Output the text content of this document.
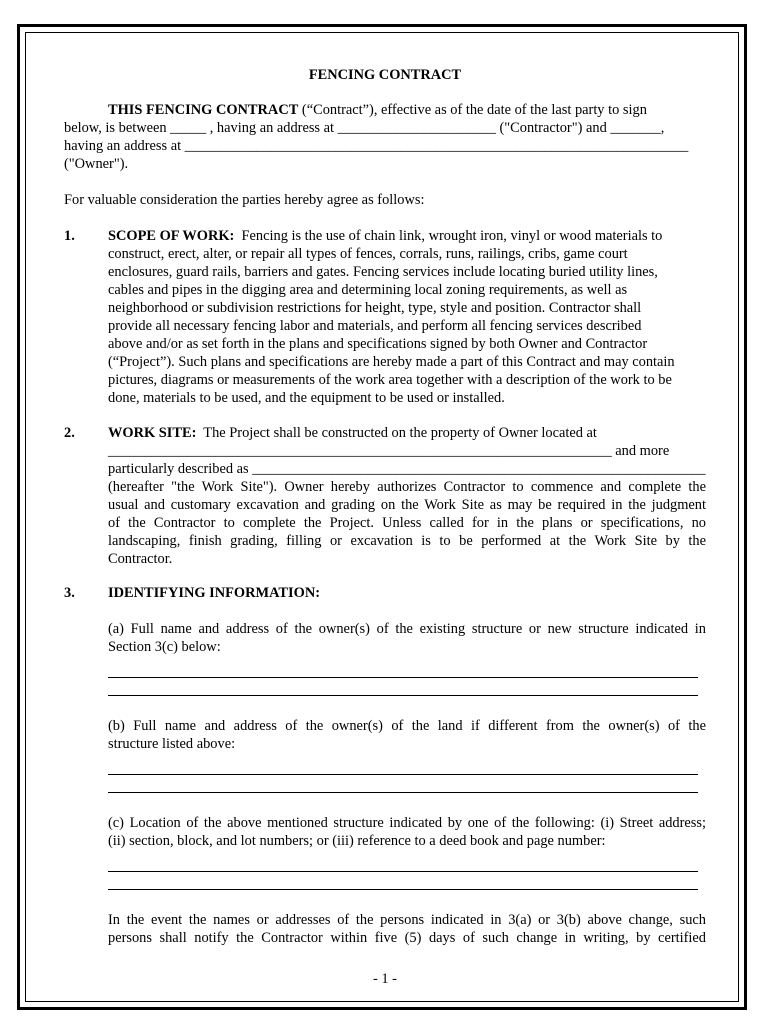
FENCING CONTRACT
THIS FENCING CONTRACT (“Contract”), effective as of the date of the last party to sign
below, is between _____ , having an address at ______________________ ("Contractor") and _______,
having an address at ______________________________________________________________________
("Owner").
For valuable consideration the parties hereby agree as follows:
1. SCOPE OF WORK:  Fencing is the use of chain link, wrought iron, vinyl or wood materials to
construct, erect, alter, or repair all types of fences, corrals, runs, railings, cribs, game court
enclosures, guard rails, barriers and gates. Fencing services include locating buried utility lines,
cables and pipes in the digging area and determining local zoning requirements, as well as
neighborhood or subdivision restrictions for height, type, style and position. Contractor shall
provide all necessary fencing labor and materials, and perform all fencing services described
above and/or as set forth in the plans and specifications signed by both Owner and Contractor
(“Project”). Such plans and specifications are hereby made a part of this Contract and may contain
pictures, diagrams or measurements of the work area together with a description of the work to be
done, materials to be used, and the equipment to be used or installed.
2. WORK SITE:  The Project shall be constructed on the property of Owner located at
______________________________________________________________________ and more
particularly described as _______________________________________________________________
(hereafter "the Work Site"). Owner hereby authorizes Contractor to commence and complete the
usual and customary excavation and grading on the Work Site as may be required in the judgment
of the Contractor to complete the Project. Unless called for in the plans or specifications, no
landscaping, finish grading, filling or excavation is to be performed at the Work Site by the
Contractor.
3. IDENTIFYING INFORMATION:
(a) Full name and address of the owner(s) of the existing structure or new structure indicated in
Section 3(c) below:
(b) Full name and address of the owner(s) of the land if different from the owner(s) of the
structure listed above:
(c) Location of the above mentioned structure indicated by one of the following: (i) Street address;
(ii) section, block, and lot numbers; or (iii) reference to a deed book and page number:
In the event the names or addresses of the persons indicated in 3(a) or 3(b) above change, such
persons shall notify the Contractor within five (5) days of such change in writing, by certified
- 1 -
